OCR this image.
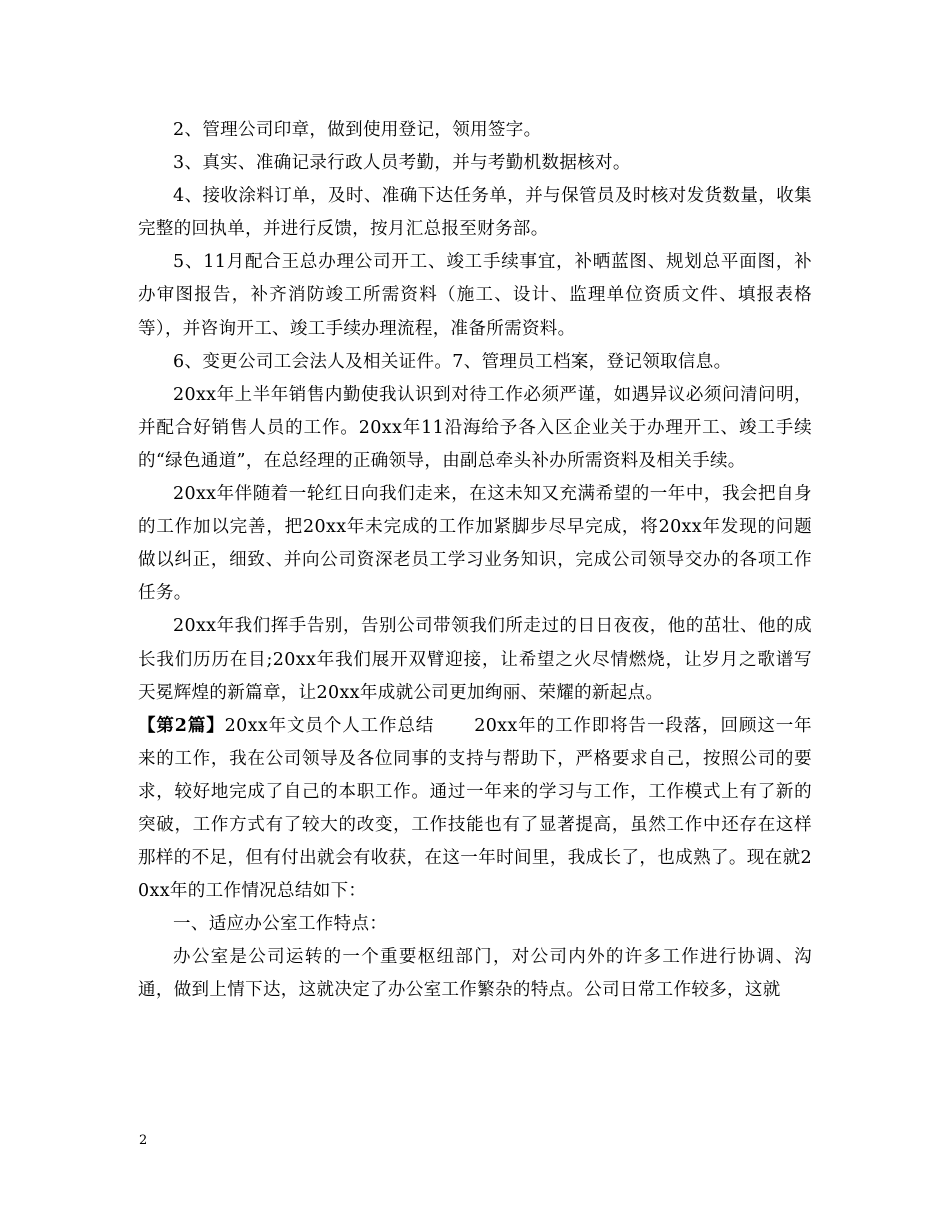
2、管理公司印章，做到使用登记，领用签字。

3、真实、准确记录行政人员考勤，并与考勤机数据核对。

4、接收涂料订单，及时、准确下达任务单，并与保管员及时核对发货数量，收集完整的回执单，并进行反馈，按月汇总报至财务部。

5、11月配合王总办理公司开工、竣工手续事宜，补晒蓝图、规划总平面图，补办审图报告，补齐消防竣工所需资料（施工、设计、监理单位资质文件、填报表格等），并咨询开工、竣工手续办理流程，准备所需资料。

6、变更公司工会法人及相关证件。7、管理员工档案，登记领取信息。

20xx年上半年销售内勤使我认识到对待工作必须严谨，如遇异议必须问清问明，并配合好销售人员的工作。20xx年11沿海给予各入区企业关于办理开工、竣工手续的“绿色通道”，在总经理的正确领导，由副总牵头补办所需资料及相关手续。

20xx年伴随着一轮红日向我们走来，在这未知又充满希望的一年中，我会把自身的工作加以完善，把20xx年未完成的工作加紧脚步尽早完成，将20xx年发现的问题做以纠正，细致、并向公司资深老员工学习业务知识，完成公司领导交办的各项工作任务。

20xx年我们挥手告别，告别公司带领我们所走过的日日夜夜，他的茁壮、他的成长我们历历在目;20xx年我们展开双臂迎接，让希望之火尽情燃烧，让岁月之歌谱写天冕辉煌的新篇章，让20xx年成就公司更加绚丽、荣耀的新起点。

【第2篇】20xx年文员个人工作总结 20xx年的工作即将告一段落，回顾这一年来的工作，我在公司领导及各位同事的支持与帮助下，严格要求自己，按照公司的要求，较好地完成了自己的本职工作。通过一年来的学习与工作，工作模式上有了新的突破，工作方式有了较大的改变，工作技能也有了显著提高，虽然工作中还存在这样那样的不足，但有付出就会有收获，在这一年时间里，我成长了，也成熟了。现在就20xx年的工作情况总结如下：

一、适应办公室工作特点：

办公室是公司运转的一个重要枢纽部门，对公司内外的许多工作进行协调、沟通，做到上情下达，这就决定了办公室工作繁杂的特点。公司日常工作较多，这就

2
